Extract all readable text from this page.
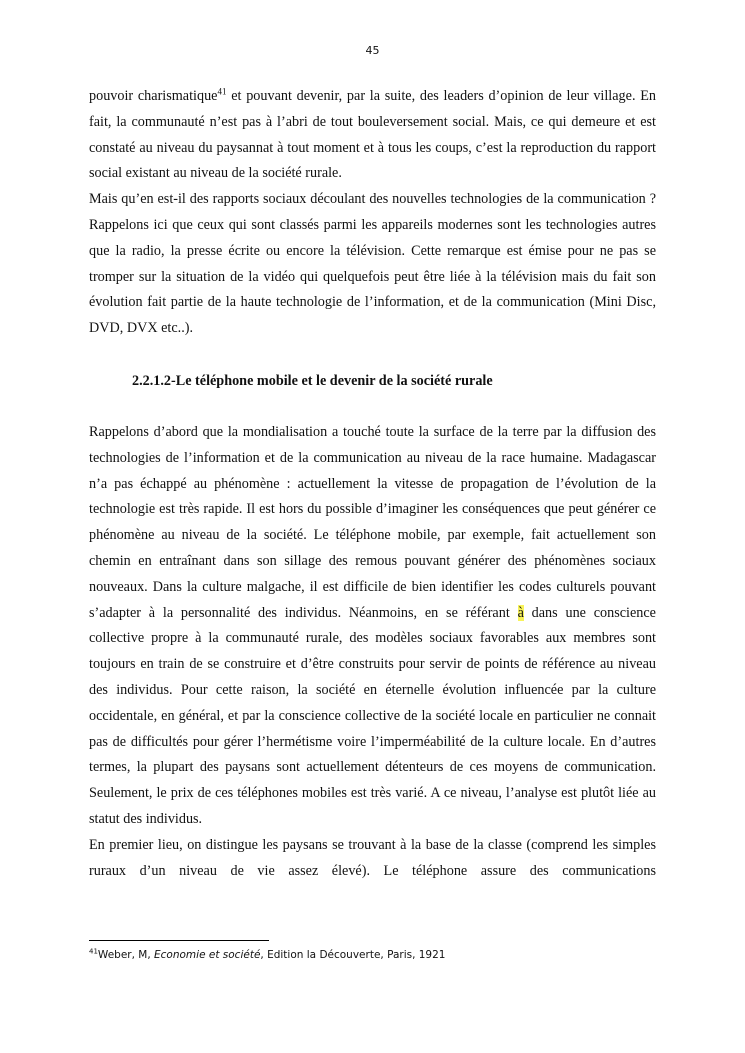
45

pouvoir charismatique$^{41}$ et pouvant devenir, par la suite, des leaders d’opinion de leur village. En fait, la communauté n’est pas à l’abri de tout bouleversement social. Mais, ce qui demeure et est constaté au niveau du paysannat à tout moment et à tous les coups, c’est la reproduction du rapport social existant au niveau de la société rurale.

Mais qu’en est-il des rapports sociaux découlant des nouvelles technologies de la communication ? Rappelons ici que ceux qui sont classés parmi les appareils modernes sont les technologies autres que la radio, la presse écrite ou encore la télévision. Cette remarque est émise pour ne pas se tromper sur la situation de la vidéo qui quelquefois peut être liée à la télévision mais du fait son évolution fait partie de la haute technologie de l’information, et de la communication (Mini Disc, DVD, DVX etc..).

2.2.1.2-Le téléphone mobile et le devenir de la société rurale

Rappelons d’abord que la mondialisation a touché toute la surface de la terre par la diffusion des technologies de l’information et de la communication au niveau de la race humaine. Madagascar n’a pas échappé au phénomène : actuellement la vitesse de propagation de l’évolution de la technologie est très rapide. Il est hors du possible d’imaginer les conséquences que peut générer ce phénomène au niveau de la société. Le téléphone mobile, par exemple, fait actuellement son chemin en entraînant dans son sillage des remous pouvant générer des phénomènes sociaux nouveaux. Dans la culture malgache, il est difficile de bien identifier les codes culturels pouvant s’adapter à la personnalité des individus. Néanmoins, en se référant à dans une conscience collective propre à la communauté rurale, des modèles sociaux favorables aux membres sont toujours en train de se construire et d’être construits pour servir de points de référence au niveau des individus. Pour cette raison, la société en éternelle évolution influencée par la culture occidentale, en général, et par la conscience collective de la société locale en particulier ne connait pas de difficultés pour gérer l’hermétisme voire l’imperméabilité de la culture locale. En d’autres termes, la plupart des paysans sont actuellement détenteurs de ces moyens de communication. Seulement, le prix de ces téléphones mobiles est très varié. A ce niveau, l’analyse est plutôt liée au statut des individus.

En premier lieu, on distingue les paysans se trouvant à la base de la classe (comprend les simples ruraux d’un niveau de vie assez élevé). Le téléphone assure des communications

$^{41}$Weber, M, Economie et société, Edition la Découverte, Paris, 1921
